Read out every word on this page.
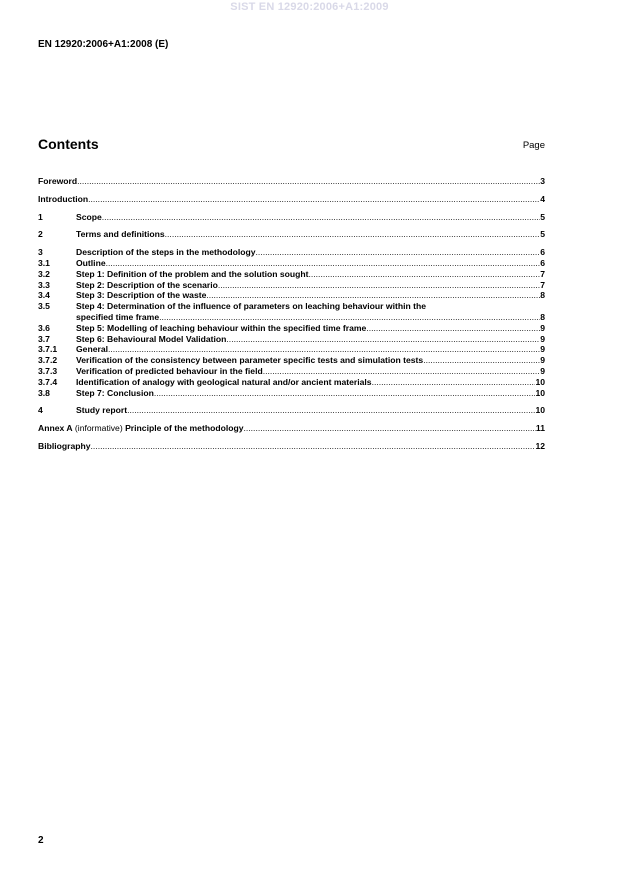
SIST EN 12920:2006+A1:2009
EN 12920:2006+A1:2008 (E)
Contents	Page
Foreword .....	3
Introduction .....	4
1	Scope .....	5
2	Terms and definitions .....	5
3	Description of the steps in the methodology .....	6
3.1	Outline .....	6
3.2	Step 1: Definition of the problem and the solution sought .....	7
3.3	Step 2: Description of the scenario .....	7
3.4	Step 3: Description of the waste .....	8
3.5	Step 4: Determination of the influence of parameters on leaching behaviour within the
specified time frame .....	8
3.6	Step 5: Modelling of leaching behaviour within the specified time frame .....	9
3.7	Step 6: Behavioural Model Validation .....	9
3.7.1	General .....	9
3.7.2	Verification of the consistency between parameter specific tests and simulation tests .....	9
3.7.3	Verification of predicted behaviour in the field .....	9
3.7.4	Identification of analogy with geological natural and/or ancient materials .....	10
3.8	Step 7: Conclusion .....	10
4	Study report .....	10
Annex A (informative) Principle of the methodology .....	11
Bibliography .....	12
2
